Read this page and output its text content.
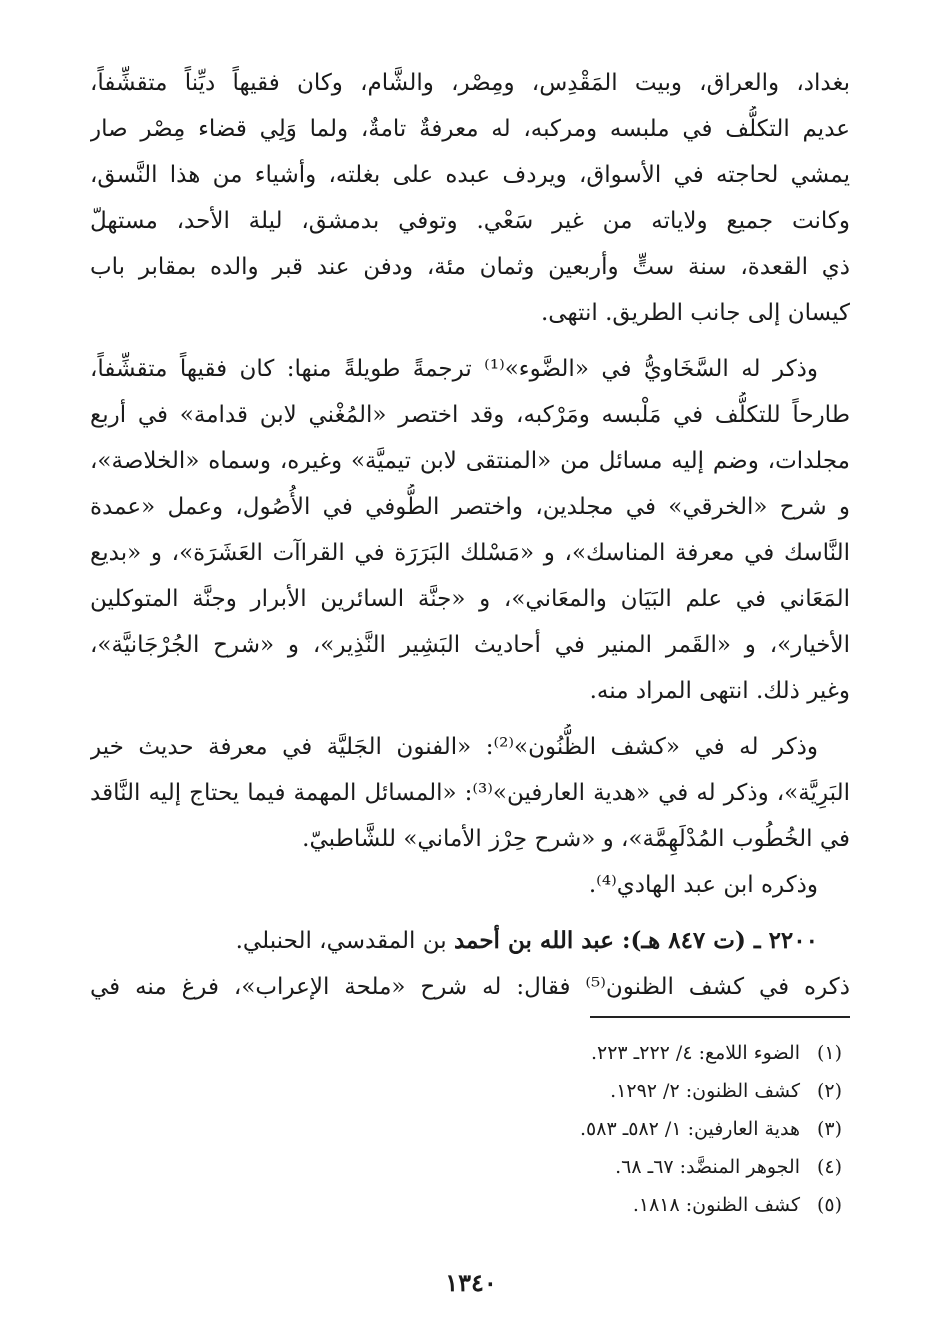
بغداد، والعراق، وبيت المَقْدِس، ومِصْر، والشَّام، وكان فقيهاً ديِّناً متقشِّفاً،
عديم التكلُّف في ملبسه ومركبه، له معرفةٌ تامةٌ، ولما وَلِي قضاء مِصْر صار
يمشي لحاجته في الأسواق، ويردف عبده على بغلته، وأشياء من هذا النَّسق،
وكانت جميع ولاياته من غير سَعْي. وتوفي بدمشق، ليلة الأحد، مستهلّ
ذي القعدة، سنة ستٍّ وأربعين وثمان مئة، ودفن عند قبر والده بمقابر باب
كيسان إلى جانب الطريق. انتهى.
وذكر له السَّخَاويُّ في «الضَّوء»⁽¹⁾ ترجمةً طويلةً منها: كان فقيهاً متقشِّفاً،
طارحاً للتكلُّف في مَلْبسه ومَرْكبه، وقد اختصر «المُغْني لابن قدامة» في أربع
مجلدات، وضم إليه مسائل من «المنتقى لابن تيميَّة» وغيره، وسماه «الخلاصة»،
و شرح «الخرقي» في مجلدين، واختصر الطُّوفي في الأُصُول، وعمل «عمدة
النَّاسك في معرفة المناسك»، و «مَسْلك البَرَرَة في القراآت العَشَرَة»، و «بديع
المَعَاني في علم البَيَان والمعَاني»، و «جنَّة السائرين الأبرار وجنَّة المتوكلين
الأخيار»، و «القَمر المنير في أحاديث البَشِير النَّذِير»، و «شرح الجُرْجَانيَّة»،
وغير ذلك. انتهى المراد منه.
وذكر له في «كشف الظُّنُون»⁽²⁾: «الفنون الجَليَّة في معرفة حديث خير
البَرِيَّة»، وذكر له في «هدية العارفين»⁽³⁾: «المسائل المهمة فيما يحتاج إليه النَّاقد
في الخُطُوب المُدْلَهِمَّة»، و «شرح حِرْز الأماني» للشَّاطبيّ.
وذكره ابن عبد الهادي⁽⁴⁾.
٢٢٠٠ ـ (ت ٨٤٧ هـ): عبد الله بن أحمد بن المقدسي، الحنبلي.
ذكره في كشف الظنون⁽⁵⁾ فقال: له شرح «ملحة الإعراب»، فرغ منه في
(١)الضوء اللامع: ٤/ ٢٢٢ـ ٢٢٣.
(٢)كشف الظنون: ٢/ ١٢٩٢.
(٣)هدية العارفين: ١/ ٥٨٢ـ ٥٨٣.
(٤)الجوهر المنضَّد: ٦٧ـ ٦٨.
(٥)كشف الظنون: ١٨١٨.
١٣٤٠
